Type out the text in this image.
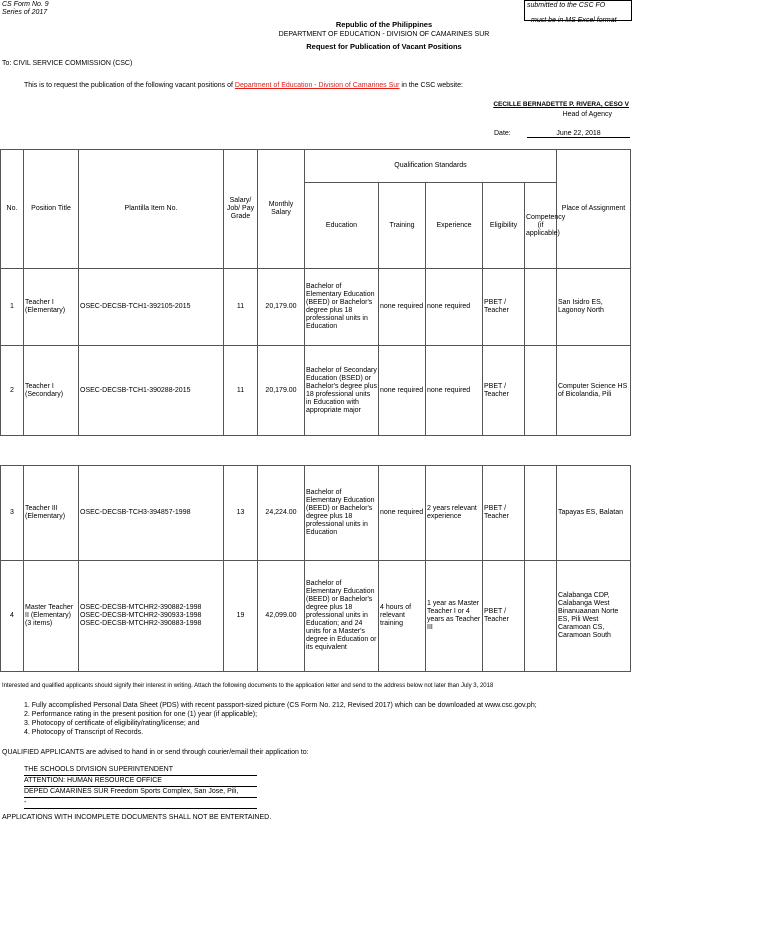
CS Form No. 9
Series of 2017
submitted to the CSC FO
must be in MS Excel format
Republic of the Philippines
DEPARTMENT OF EDUCATION - DIVISION OF CAMARINES SUR
Request for Publication of Vacant Positions
To: CIVIL SERVICE COMMISSION (CSC)
This is to request the publication of the following vacant positions of Department of Education - Division of Camarines Sur in the CSC website:
CECILLE BERNADETTE P. RIVERA, CESO V
Head of Agency
Date:	June 22, 2018
No.	Position Title	Plantilla Item No.	Salary/ Job/ Pay Grade	Monthly Salary	Qualification Standards					Place of Assignment
					Education	Training	Experience	Eligibility	Competency (if applicable)	
1	Teacher I (Elementary)	OSEC-DECSB-TCH1-392105-2015	11	20,179.00	Bachelor of Elementary Education (BEED) or Bachelor's degree plus 18 professional units in Education	none required	none required	PBET / Teacher		San Isidro ES, Lagonoy North
2	Teacher I (Secondary)	OSEC-DECSB-TCH1-390288-2015	11	20,179.00	Bachelor of Secondary Education (BSED) or Bachelor's degree plus 18 professional units in Education with appropriate major	none required	none required	PBET / Teacher		Computer Science HS of Bicolandia, Pili
3	Teacher III (Elementary)	OSEC-DECSB-TCH3-394857-1998	13	24,224.00	Bachelor of Elementary Education (BEED) or Bachelor's degree plus 18 professional units in Education	none required	2 years relevant experience	PBET / Teacher		Tapayas ES, Balatan
4	Master Teacher II (Elementary) (3 items)	OSEC-DECSB-MTCHR2-390882-1998 OSEC-DECSB-MTCHR2-390933-1998 OSEC-DECSB-MTCHR2-390883-1998	19	42,099.00	Bachelor of Elementary Education (BEED) or Bachelor's degree plus 18 professional units in Education; and 24 units for a Master's degree in Education or its equivalent	4 hours of relevant training	1 year as Master Teacher I or 4 years as Teacher III	PBET / Teacher		Calabanga CDP, Calabanga West Binanuaanan Norte ES, Pili West Caramoan CS, Caramoan South
Interested and qualified applicants should signify their interest in writing. Attach the following documents to the application letter and send to the address below not later than July 3, 2018
1. Fully accomplished Personal Data Sheet (PDS) with recent passport-sized picture (CS Form No. 212, Revised 2017) which can be downloaded at www.csc.gov.ph;
2. Performance rating in the present position for one (1) year (if applicable);
3. Photocopy of certificate of eligibility/rating/license; and
4. Photocopy of Transcript of Records.
QUALIFIED APPLICANTS are advised to hand in or send through courier/email their application to:
THE SCHOOLS DIVISION SUPERINTENDENT
ATTENTION: HUMAN RESOURCE OFFICE
DEPED CAMARINES SUR Freedom Sports Complex, San Jose, Pili,
-
APPLICATIONS WITH INCOMPLETE DOCUMENTS SHALL NOT BE ENTERTAINED.
